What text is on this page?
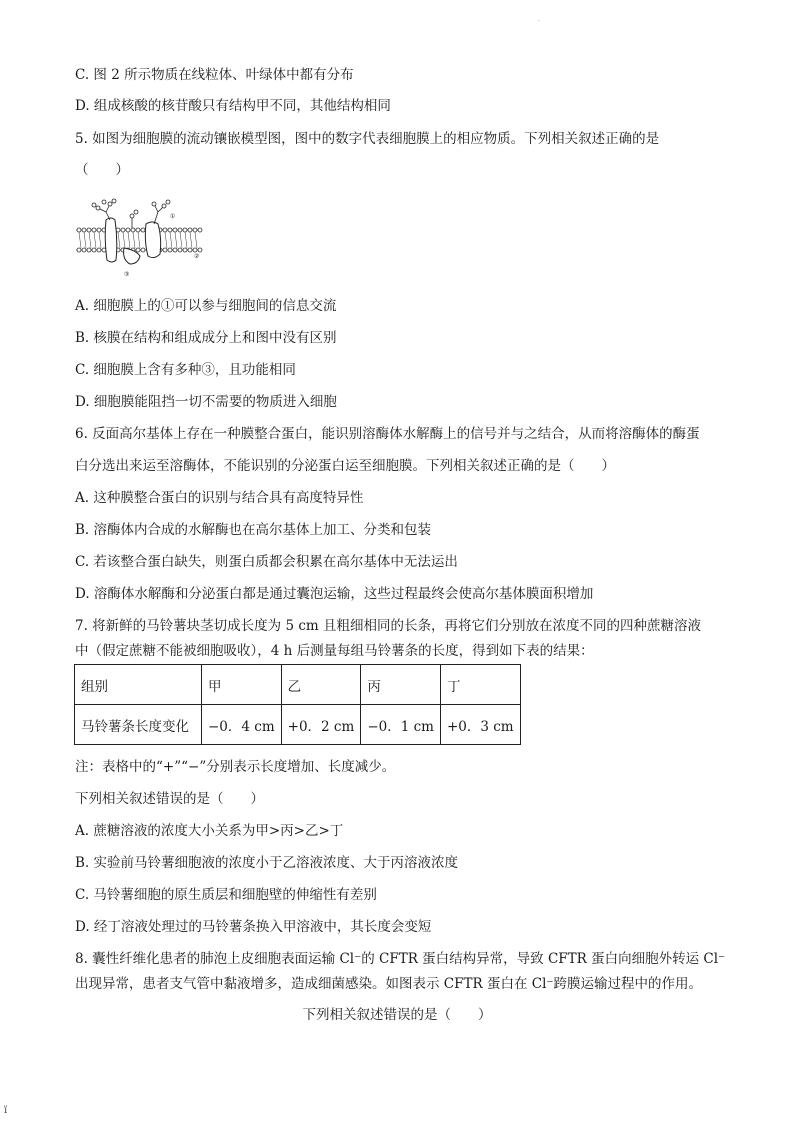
.
C. 图 2 所示物质在线粒体、叶绿体中都有分布
D. 组成核酸的核苷酸只有结构甲不同，其他结构相同
5. 如图为细胞膜的流动镶嵌模型图，图中的数字代表细胞膜上的相应物质。下列相关叙述正确的是
（　　）
①
②
③
A. 细胞膜上的①可以参与细胞间的信息交流
B. 核膜在结构和组成成分上和图中没有区别
C. 细胞膜上含有多种③，且功能相同
D. 细胞膜能阻挡一切不需要的物质进入细胞
6. 反面高尔基体上存在一种膜整合蛋白，能识别溶酶体水解酶上的信号并与之结合，从而将溶酶体的酶蛋
白分选出来运至溶酶体，不能识别的分泌蛋白运至细胞膜。下列相关叙述正确的是（　　）
A. 这种膜整合蛋白的识别与结合具有高度特异性
B. 溶酶体内合成的水解酶也在高尔基体上加工、分类和包装
C. 若该整合蛋白缺失，则蛋白质都会积累在高尔基体中无法运出
D. 溶酶体水解酶和分泌蛋白都是通过囊泡运输，这些过程最终会使高尔基体膜面积增加
7. 将新鲜的马铃薯块茎切成长度为 5 cm 且粗细相同的长条，再将它们分别放在浓度不同的四种蔗糖溶液
中（假定蔗糖不能被细胞吸收），4 h 后测量每组马铃薯条的长度，得到如下表的结果：
组别	甲	乙	丙	丁
马铃薯条长度变化	−0．4 cm	+0．2 cm	−0．1 cm	+0．3 cm
注：表格中的“+”“−”分别表示长度增加、长度减少。
下列相关叙述错误的是（　　）
A. 蔗糖溶液的浓度大小关系为甲>丙>乙>丁
B. 实验前马铃薯细胞液的浓度小于乙溶液浓度、大于丙溶液浓度
C. 马铃薯细胞的原生质层和细胞壁的伸缩性有差别
D. 经丁溶液处理过的马铃薯条换入甲溶液中，其长度会变短
8. 囊性纤维化患者的肺泡上皮细胞表面运输 Cl⁻的 CFTR 蛋白结构异常，导致 CFTR 蛋白向细胞外转运 Cl⁻
出现异常，患者支气管中黏液增多，造成细菌感染。如图表示 CFTR 蛋白在 Cl⁻跨膜运输过程中的作用。
下列相关叙述错误的是（　　）
ï
